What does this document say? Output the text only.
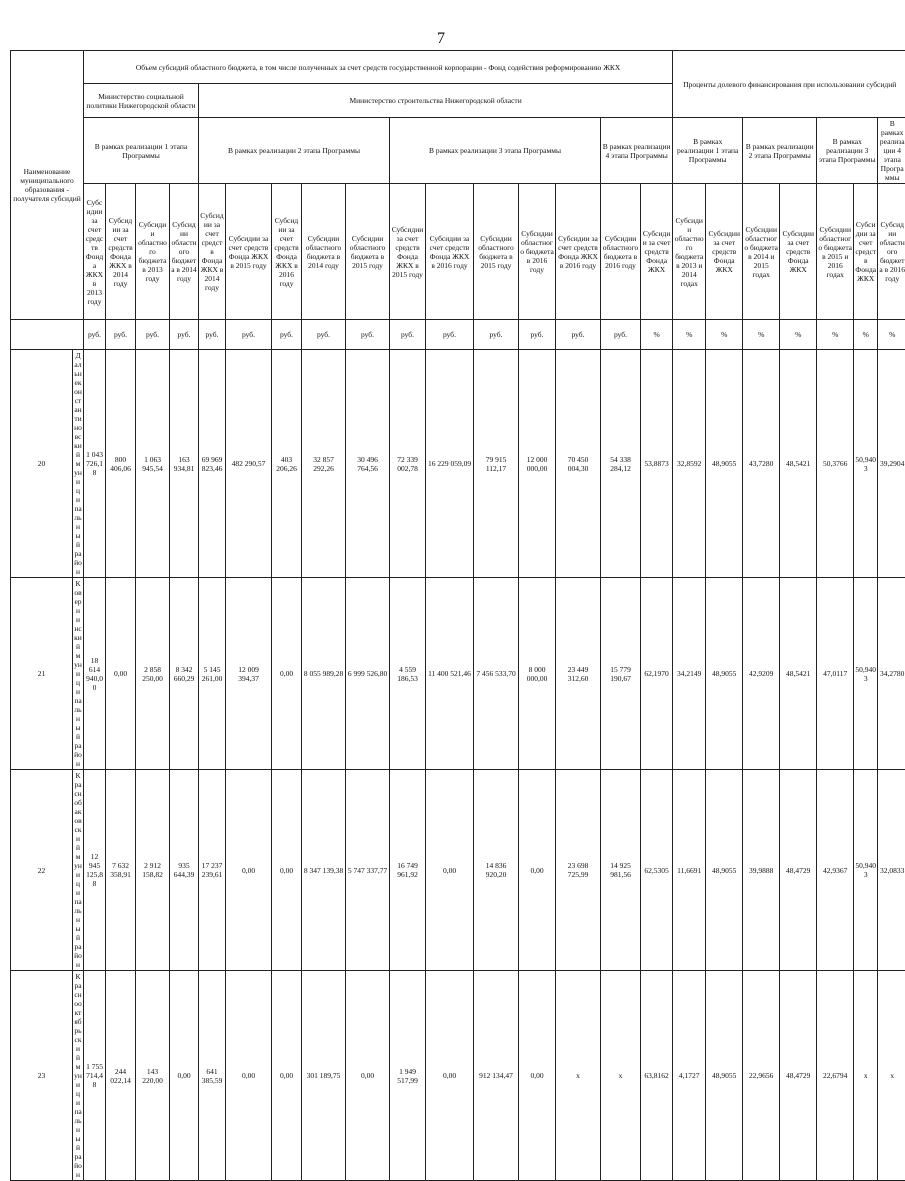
7
Наименование муниципального образования - получателя субсидий		Объем субсидий областного бюджета, в том числе полученных за счет средств государственной корпорации - Фонд содействия реформированию ЖКХ																Проценты долевого финансирования при использовании субсидий						
		Министерство социальной политики Нижегородской области				Министерство строительства Нижегородской области																		
		В рамках реализации 1 этапа Программы				В рамках реализации 2 этапа Программы					В рамках реализации 3 этапа Программы					В рамках реализации 4 этапа Программы		В рамках реализации 1 этапа Программы		В рамках реализации 2 этапа Программы		В рамках реализации 3 этапа Программы		В рамках реализации 4 этапа Программы
		Субсидии за счет средств Фонда ЖКХ в 2013 году	Субсидии за счет средств Фонда ЖКХ в 2014 году	Субсидии областного бюджета в 2013 году	Субсидии областного бюджета в 2014 году	Субсидии за счет средств Фонда ЖКХ в 2014 году	Субсидии за счет средств Фонда ЖКХ в 2015 году	Субсидии за счет средств Фонда ЖКХ в 2016 году	Субсидии областного бюджета в 2014 году	Субсидии областного бюджета в 2015 году	Субсидии за счет средств Фонда ЖКХ в 2015 году	Субсидии за счет средств Фонда ЖКХ в 2016 году	Субсидии областного бюджета в 2015 году	Субсидии областного бюджета в 2016 году	Субсидии за счет средств Фонда ЖКХ в 2016 году	Субсидии областного бюджета в 2016 году	Субсидии за счет средств Фонда ЖКХ	Субсидии областного бюджета в 2013 и 2014 годах	Субсидии за счет средств Фонда ЖКХ	Субсидии областного бюджета в 2014 и 2015 годах	Субсидии за счет средств Фонда ЖКХ	Субсидии областного бюджета в 2015 и 2016 годах	Субсидии за счет средств Фонда ЖКХ	Субсидии областного бюджета в 2016 году
		руб.	руб.	руб.	руб.	руб.	руб.	руб.	руб.	руб.	руб.	руб.	руб.	руб.	руб.	руб.	%	%	%	%	%	%	%	%
20	Дальнеконстантиновский муниципальный район	1 043 726,18	800 406,06	1 063 945,54	163 934,81	69 969 823,46	482 290,57	403 206,26	32 857 292,26	30 496 764,56	72 339 002,78	16 229 059,09	79 915 112,17	12 000 000,00	70 450 004,30	54 338 284,12	53,8873	32,8592	48,9055	43,7280	48,5421	50,3766	50,9403	39,2904
21	Ковернинский муниципальный район	18 614 940,00	0,00	2 858 250,00	8 342 660,29	5 145 261,00	12 009 394,37	0,00	8 055 989,28	6 999 526,80	4 559 186,53	11 400 521,46	7 456 533,70	8 000 000,00	23 449 312,60	15 779 190,67	62,1970	34,2149	48,9055	42,9209	48,5421	47,0117	50,9403	34,2780
22	Краснобаковский муниципальный район	12 945 125,88	7 632 358,91	2 912 158,82	935 644,39	17 237 239,61	0,00	0,00	8 347 139,38	5 747 337,77	16 749 961,92	0,00	14 836 920,20	0,00	23 698 725,99	14 925 981,56	62,5305	11,6691	48,9055	39,9888	48,4729	42,9367	50,9403	32,0833
23	Краснооктябрьский муниципальный район	1 755 714,48	244 022,14	143 220,00	0,00	641 385,59	0,00	0,00	301 189,75	0,00	1 949 517,99	0,00	912 134,47	0,00	x	x	63,8162	4,1727	48,9055	22,9656	48,4729	22,6794	x	x
